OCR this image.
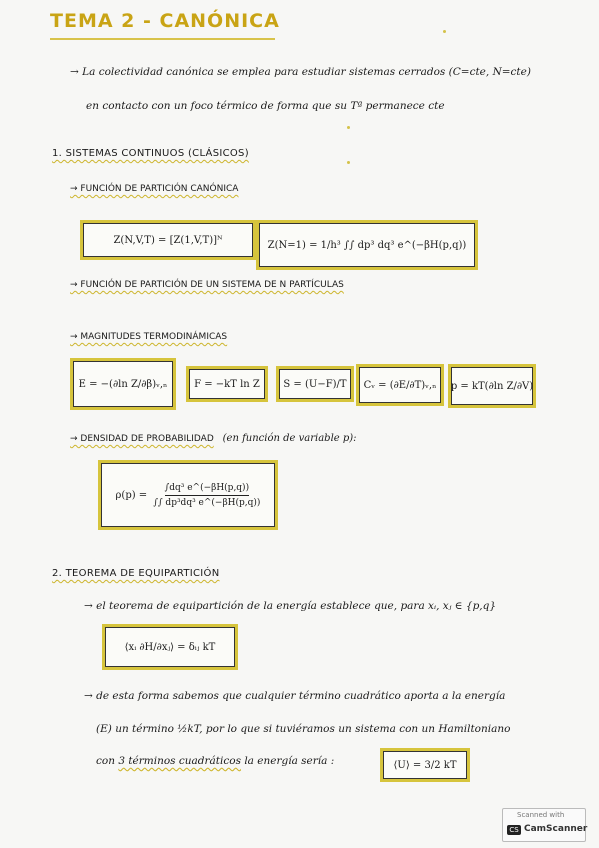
TEMA 2 - CANÓNICA
→ La colectividad canónica se emplea para estudiar sistemas cerrados (C=cte, N=cte)
en contacto con un foco térmico de forma que su Tª permanece cte
1. SISTEMAS CONTINUOS (CLÁSICOS)
→ FUNCIÓN DE PARTICIÓN CANÓNICA
Z(N,V,T) = [Z(1,V,T)]ᴺ	Z(N=1) = 1/h³ ∫∫ dp³ dq³ e^(−βH(p,q))
→ FUNCIÓN DE PARTICIÓN DE UN SISTEMA DE N PARTÍCULAS
→ MAGNITUDES TERMODINÁMICAS
E = −(∂ln Z/∂β)ᵥ,ₙ	F = −kT ln Z S = (U−F)/T Cᵥ = (∂E/∂T)ᵥ,ₙ p = kT(∂ln Z/∂V)
→ DENSIDAD DE PROBABILIDAD (en función de variable p):
$\rho(p) = \frac{\text{∫dq³ e\textasciicircum{}(−βH(p,q))}}{\text{∫∫ dp³dq³ e\textasciicircum{}(−βH(p,q))}}$
2. TEOREMA DE EQUIPARTICIÓN
→ el teorema de equipartición de la energía establece que, para xᵢ, xⱼ ∈ {p,q}
⟨xᵢ ∂H/∂xⱼ⟩ = δᵢⱼ kT
→ de esta forma sabemos que cualquier término cuadrático aporta a la energía
(E) un término ½kT, por lo que si tuviéramos un sistema con un Hamiltoniano
con 3 términos cuadráticos la energía sería :	⟨U⟩ = 3/2 kT
Scanned with
CS CamScanner
